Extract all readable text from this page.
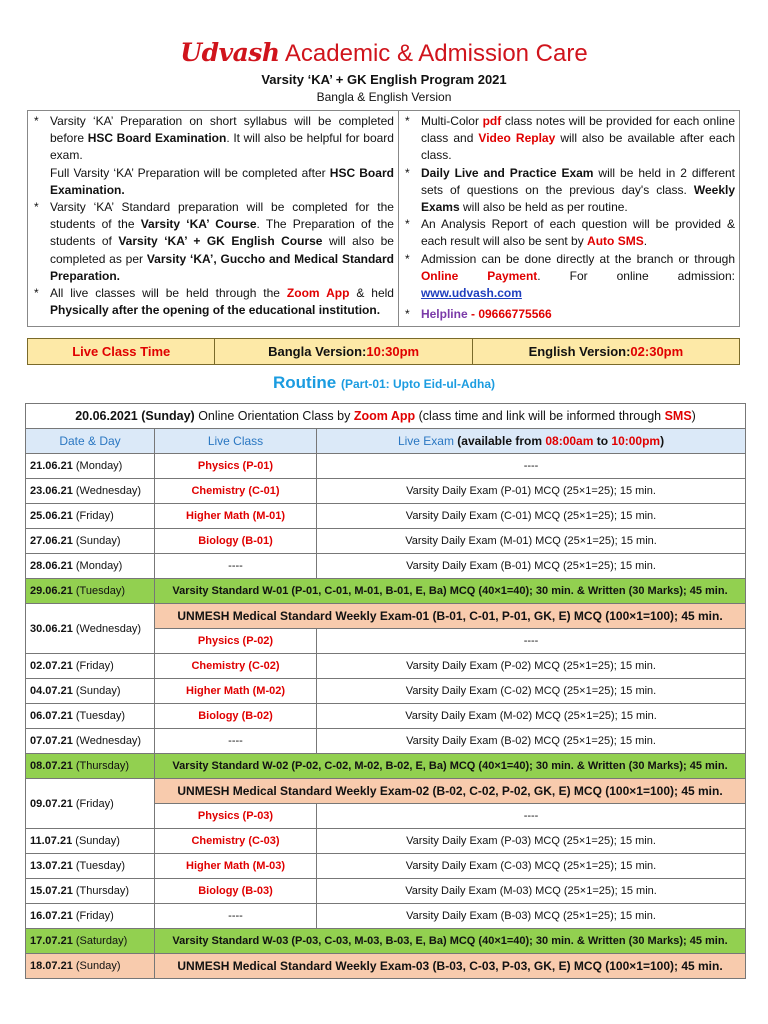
Udvash Academic & Admission Care
Varsity ‘KA’ + GK English Program 2021
Bangla & English Version
* Varsity ‘KA’ Preparation on short syllabus will be completed before HSC Board Examination. It will also be helpful for board exam.
Full Varsity ‘KA’ Preparation will be completed after HSC Board Examination.
* Varsity ‘KA’ Standard preparation will be completed for the students of the Varsity ‘KA’ Course. The Preparation of the students of Varsity ‘KA’ + GK English Course will also be completed as per Varsity ‘KA’, Guccho and Medical Standard Preparation.
* All live classes will be held through the Zoom App & held Physically after the opening of the educational institution.
* Multi-Color pdf class notes will be provided for each online class and Video Replay will also be available after each class.
* Daily Live and Practice Exam will be held in 2 different sets of questions on the previous day's class. Weekly Exams will also be held as per routine.
* An Analysis Report of each question will be provided & each result will also be sent by Auto SMS.
* Admission can be done directly at the branch or through Online Payment. For online admission: www.udvash.com
* Helpline - 09666775566
Live Class Time	Bangla Version: 10:30pm	English Version: 02:30pm
Routine (Part-01: Upto Eid-ul-Adha)
20.06.2021 (Sunday) Online Orientation Class by Zoom App (class time and link will be informed through SMS)		
Date & Day	Live Class	Live Exam (available from 08:00am to 10:00pm)
21.06.21 (Monday)	Physics (P-01)	----
23.06.21 (Wednesday)	Chemistry (C-01)	Varsity Daily Exam (P-01) MCQ (25×1=25); 15 min.
25.06.21 (Friday)	Higher Math (M-01)	Varsity Daily Exam (C-01) MCQ (25×1=25); 15 min.
27.06.21 (Sunday)	Biology (B-01)	Varsity Daily Exam (M-01) MCQ (25×1=25); 15 min.
28.06.21 (Monday)	----	Varsity Daily Exam (B-01) MCQ (25×1=25); 15 min.
29.06.21 (Tuesday)	Varsity Standard W-01 (P-01, C-01, M-01, B-01, E, Ba) MCQ (40×1=40); 30 min. & Written (30 Marks); 45 min.	
30.06.21 (Wednesday)	UNMESH Medical Standard Weekly Exam-01 (B-01, C-01, P-01, GK, E) MCQ (100×1=100); 45 min.	
	Physics (P-02)	----
02.07.21 (Friday)	Chemistry (C-02)	Varsity Daily Exam (P-02) MCQ (25×1=25); 15 min.
04.07.21 (Sunday)	Higher Math (M-02)	Varsity Daily Exam (C-02) MCQ (25×1=25); 15 min.
06.07.21 (Tuesday)	Biology (B-02)	Varsity Daily Exam (M-02) MCQ (25×1=25); 15 min.
07.07.21 (Wednesday)	----	Varsity Daily Exam (B-02) MCQ (25×1=25); 15 min.
08.07.21 (Thursday)	Varsity Standard W-02 (P-02, C-02, M-02, B-02, E, Ba) MCQ (40×1=40); 30 min. & Written (30 Marks); 45 min.	
09.07.21 (Friday)	UNMESH Medical Standard Weekly Exam-02 (B-02, C-02, P-02, GK, E) MCQ (100×1=100); 45 min.	
	Physics (P-03)	----
11.07.21 (Sunday)	Chemistry (C-03)	Varsity Daily Exam (P-03) MCQ (25×1=25); 15 min.
13.07.21 (Tuesday)	Higher Math (M-03)	Varsity Daily Exam (C-03) MCQ (25×1=25); 15 min.
15.07.21 (Thursday)	Biology (B-03)	Varsity Daily Exam (M-03) MCQ (25×1=25); 15 min.
16.07.21 (Friday)	----	Varsity Daily Exam (B-03) MCQ (25×1=25); 15 min.
17.07.21 (Saturday)	Varsity Standard W-03 (P-03, C-03, M-03, B-03, E, Ba) MCQ (40×1=40); 30 min. & Written (30 Marks); 45 min.	
18.07.21 (Sunday)	UNMESH Medical Standard Weekly Exam-03 (B-03, C-03, P-03, GK, E) MCQ (100×1=100); 45 min.	
